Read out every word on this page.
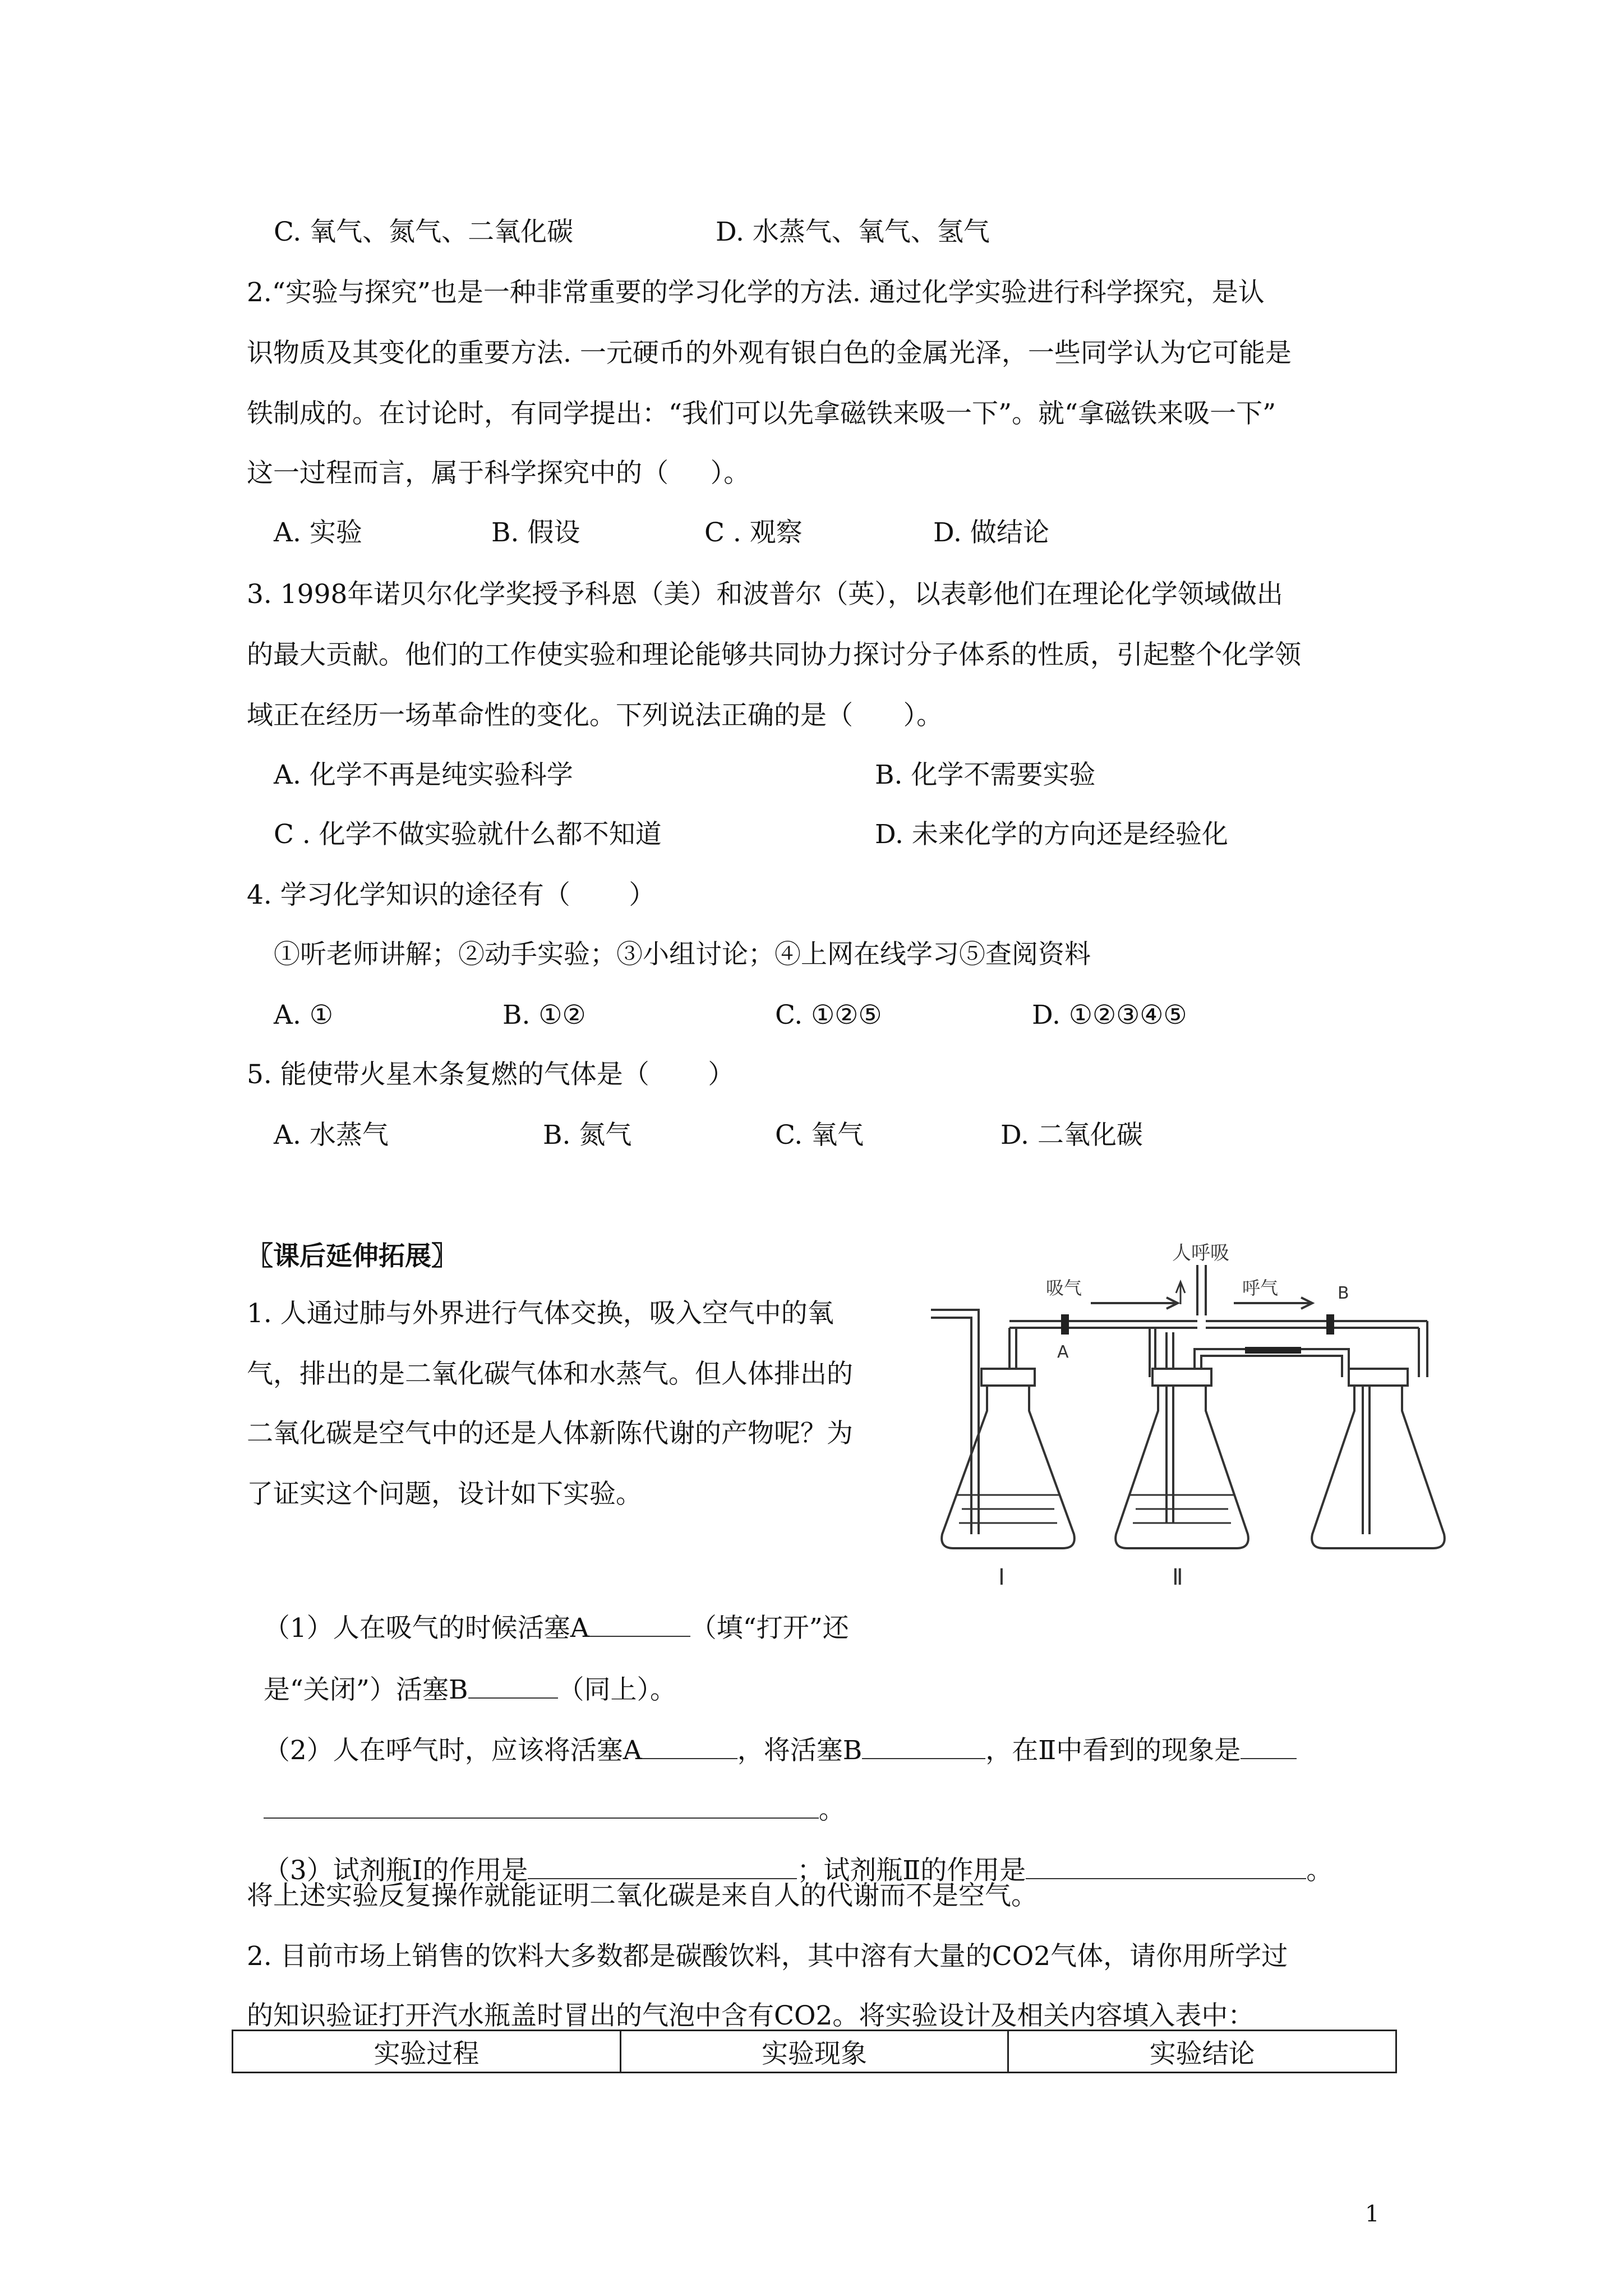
C. 氧气、氮气、二氧化碳	D. 水蒸气、氧气、氢气
2.“实验与探究”也是一种非常重要的学习化学的方法. 通过化学实验进行科学探究，是认
识物质及其变化的重要方法. 一元硬币的外观有银白色的金属光泽，一些同学认为它可能是
铁制成的。在讨论时，有同学提出：“我们可以先拿磁铁来吸一下”。就“拿磁铁来吸一下”
这一过程而言，属于科学探究中的（     ）。
A. 实验	B. 假设	C . 观察	D. 做结论
3. 1998年诺贝尔化学奖授予科恩（美）和波普尔（英），以表彰他们在理论化学领域做出
的最大贡献。他们的工作使实验和理论能够共同协力探讨分子体系的性质，引起整个化学领
域正在经历一场革命性的变化。下列说法正确的是（      ）。
A. 化学不再是纯实验科学	B. 化学不需要实验
C . 化学不做实验就什么都不知道	D. 未来化学的方向还是经验化
4. 学习化学知识的途径有（       ）
①听老师讲解；②动手实验；③小组讨论；④上网在线学习⑤查阅资料
A. ①	B. ①②	C. ①②⑤	D. ①②③④⑤
5. 能使带火星木条复燃的气体是（       ）
A. 水蒸气	B. 氮气	C. 氧气	D. 二氧化碳
〖课后延伸拓展〗
1. 人通过肺与外界进行气体交换，吸入空气中的氧
气，排出的是二氧化碳气体和水蒸气。但人体排出的
二氧化碳是空气中的还是人体新陈代谢的产物呢？为
了证实这个问题，设计如下实验。

（1）人在吸气的时候活塞A	（填“打开”还

是“关闭”）活塞B	（同上）。

（2）人在呼气时，应该将活塞A	，将活塞B	，在Ⅱ中看到的现象是

。

（3）试剂瓶Ⅰ的作用是	；试剂瓶Ⅱ的作用是	。

将上述实验反复操作就能证明二氧化碳是来自人的代谢而不是空气。
2. 目前市场上销售的饮料大多数都是碳酸饮料，其中溶有大量的CO2气体，请你用所学过
的知识验证打开汽水瓶盖时冒出的气泡中含有CO2。将实验设计及相关内容填入表中：
人呼吸
吸气	呼气
A
B
Ⅰ	Ⅱ
实验过程	实验现象	实验结论
1
